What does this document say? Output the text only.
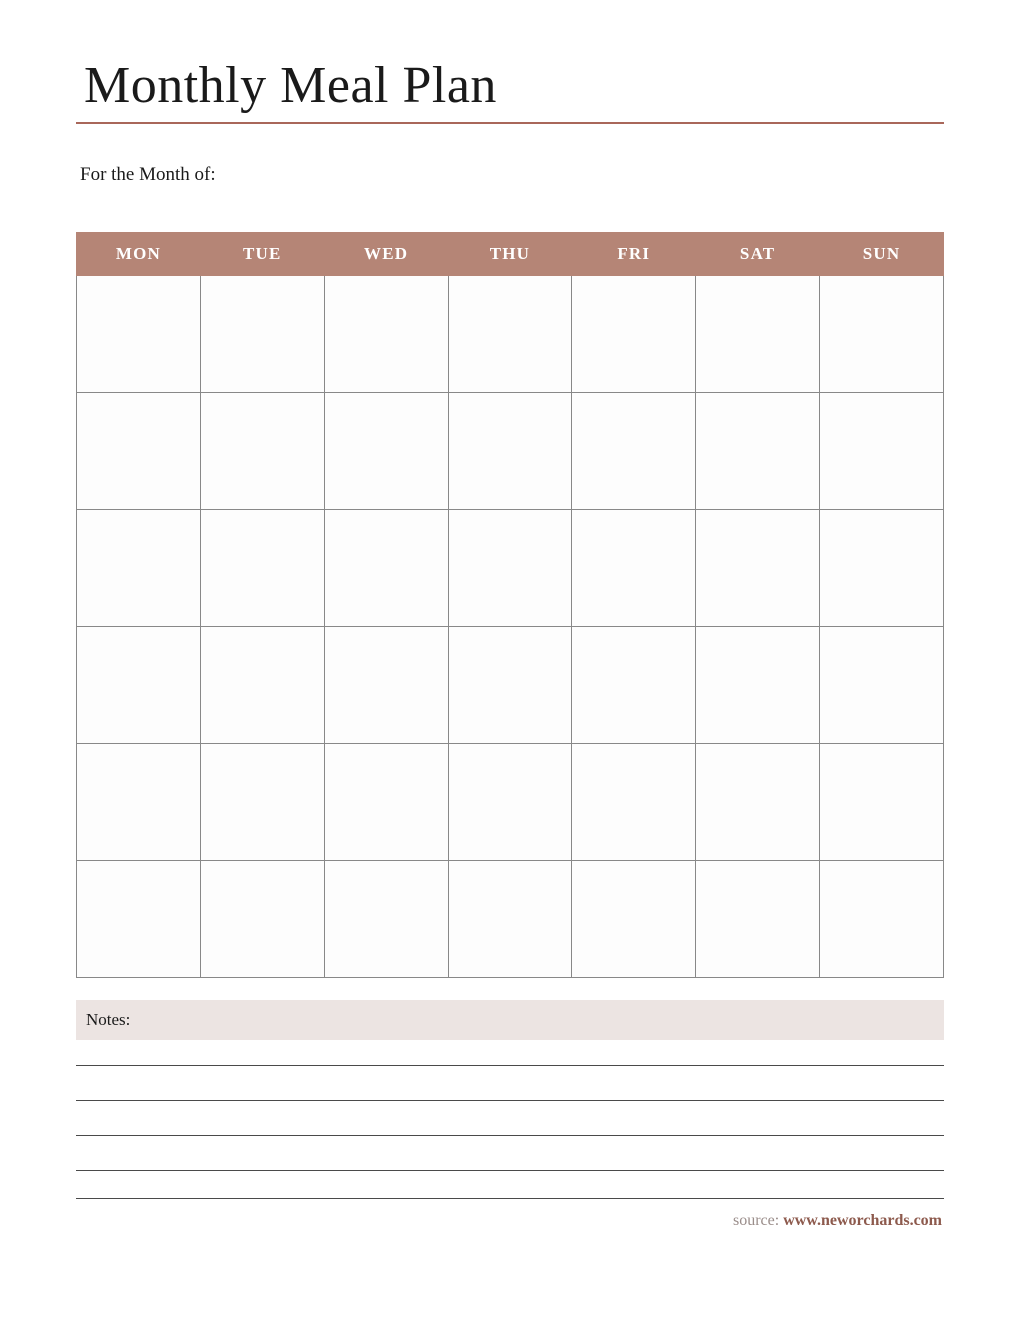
Monthly Meal Plan
For the Month of:
MON	TUE	WED	THU	FRI	SAT	SUN

Notes:
source: www.neworchards.com
